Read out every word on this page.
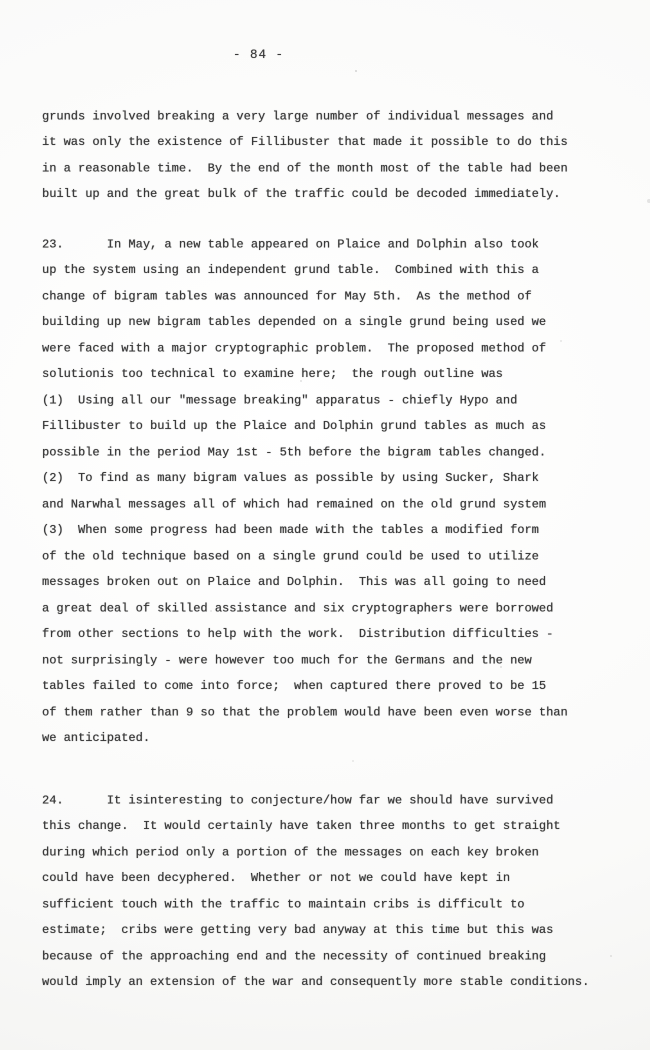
- 84 -
grunds involved breaking a very large number of individual messages and
it was only the existence of Fillibuster that made it possible to do this
in a reasonable time.  By the end of the month most of the table had been
built up and the great bulk of the traffic could be decoded immediately.
23.      In May, a new table appeared on Plaice and Dolphin also took
up the system using an independent grund table.  Combined with this a
change of bigram tables was announced for May 5th.  As the method of
building up new bigram tables depended on a single grund being used we
were faced with a major cryptographic problem.  The proposed method of
solutionis too technical to examine here;  the rough outline was
(1)  Using all our "message breaking" apparatus - chiefly Hypo and
Fillibuster to build up the Plaice and Dolphin grund tables as much as
possible in the period May 1st - 5th before the bigram tables changed.
(2)  To find as many bigram values as possible by using Sucker, Shark
and Narwhal messages all of which had remained on the old grund system
(3)  When some progress had been made with the tables a modified form
of the old technique based on a single grund could be used to utilize
messages broken out on Plaice and Dolphin.  This was all going to need
a great deal of skilled assistance and six cryptographers were borrowed
from other sections to help with the work.  Distribution difficulties -
not surprisingly - were however too much for the Germans and the new
tables failed to come into force;  when captured there proved to be 15
of them rather than 9 so that the problem would have been even worse than
we anticipated.
24.      It isinteresting to conjecture/how far we should have survived
this change.  It would certainly have taken three months to get straight
during which period only a portion of the messages on each key broken
could have been decyphered.  Whether or not we could have kept in
sufficient touch with the traffic to maintain cribs is difficult to
estimate;  cribs were getting very bad anyway at this time but this was
because of the approaching end and the necessity of continued breaking
would imply an extension of the war and consequently more stable conditions.
